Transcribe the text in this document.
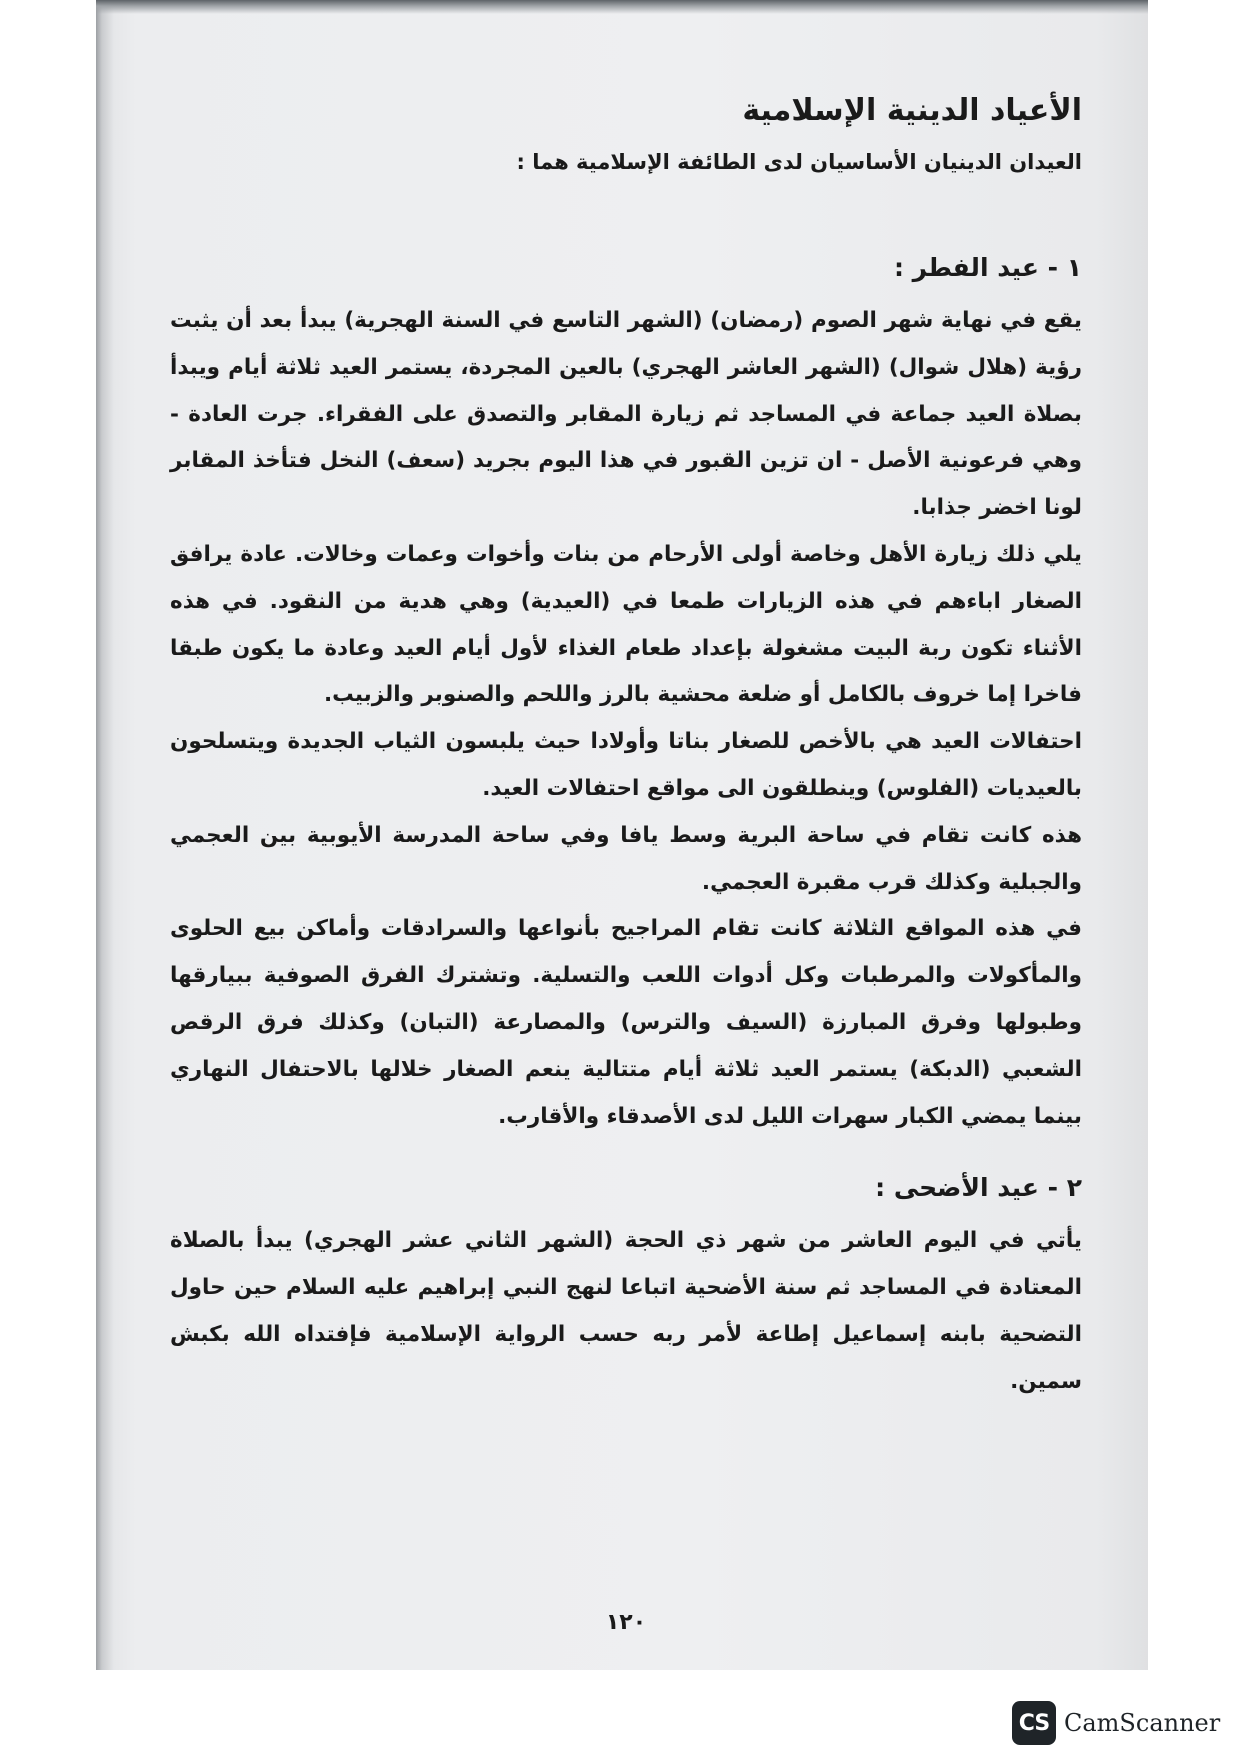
الأعياد الدينية الإسلامية

العيدان الدينيان الأساسيان لدى الطائفة الإسلامية هما :

١ - عيد الفطر :

يقع في نهاية شهر الصوم (رمضان) (الشهر التاسع في السنة الهجرية) يبدأ بعد أن يثبت رؤية (هلال شوال) (الشهر العاشر الهجري) بالعين المجردة، يستمر العيد ثلاثة أيام ويبدأ بصلاة العيد جماعة في المساجد ثم زيارة المقابر والتصدق على الفقراء. جرت العادة - وهي فرعونية الأصل - ان تزين القبور في هذا اليوم بجريد (سعف) النخل فتأخذ المقابر لونا اخضر جذابا.

يلي ذلك زيارة الأهل وخاصة أولى الأرحام من بنات وأخوات وعمات وخالات. عادة يرافق الصغار اباءهم في هذه الزيارات طمعا في (العيدية) وهي هدية من النقود. في هذه الأثناء تكون ربة البيت مشغولة بإعداد طعام الغذاء لأول أيام العيد وعادة ما يكون طبقا فاخرا إما خروف بالكامل أو ضلعة محشية بالرز واللحم والصنوبر والزبيب.

احتفالات العيد هي بالأخص للصغار بناتا وأولادا حيث يلبسون الثياب الجديدة ويتسلحون بالعيديات (الفلوس) وينطلقون الى مواقع احتفالات العيد.

هذه كانت تقام في ساحة البرية وسط يافا وفي ساحة المدرسة الأيوبية بين العجمي والجبلية وكذلك قرب مقبرة العجمي.

في هذه المواقع الثلاثة كانت تقام المراجيح بأنواعها والسرادقات وأماكن بيع الحلوى والمأكولات والمرطبات وكل أدوات اللعب والتسلية. وتشترك الفرق الصوفية ببيارقها وطبولها وفرق المبارزة (السيف والترس) والمصارعة (التبان) وكذلك فرق الرقص الشعبي (الدبكة) يستمر العيد ثلاثة أيام متتالية ينعم الصغار خلالها بالاحتفال النهاري بينما يمضي الكبار سهرات الليل لدى الأصدقاء والأقارب.

٢ - عيد الأضحى :

يأتي في اليوم العاشر من شهر ذي الحجة (الشهر الثاني عشر الهجري) يبدأ بالصلاة المعتادة في المساجد ثم سنة الأضحية اتباعا لنهج النبي إبراهيم عليه السلام حين حاول التضحية بابنه إسماعيل إطاعة لأمر ربه حسب الرواية الإسلامية فإفتداه الله بكبش سمين.

١٢٠
CS CamScanner
